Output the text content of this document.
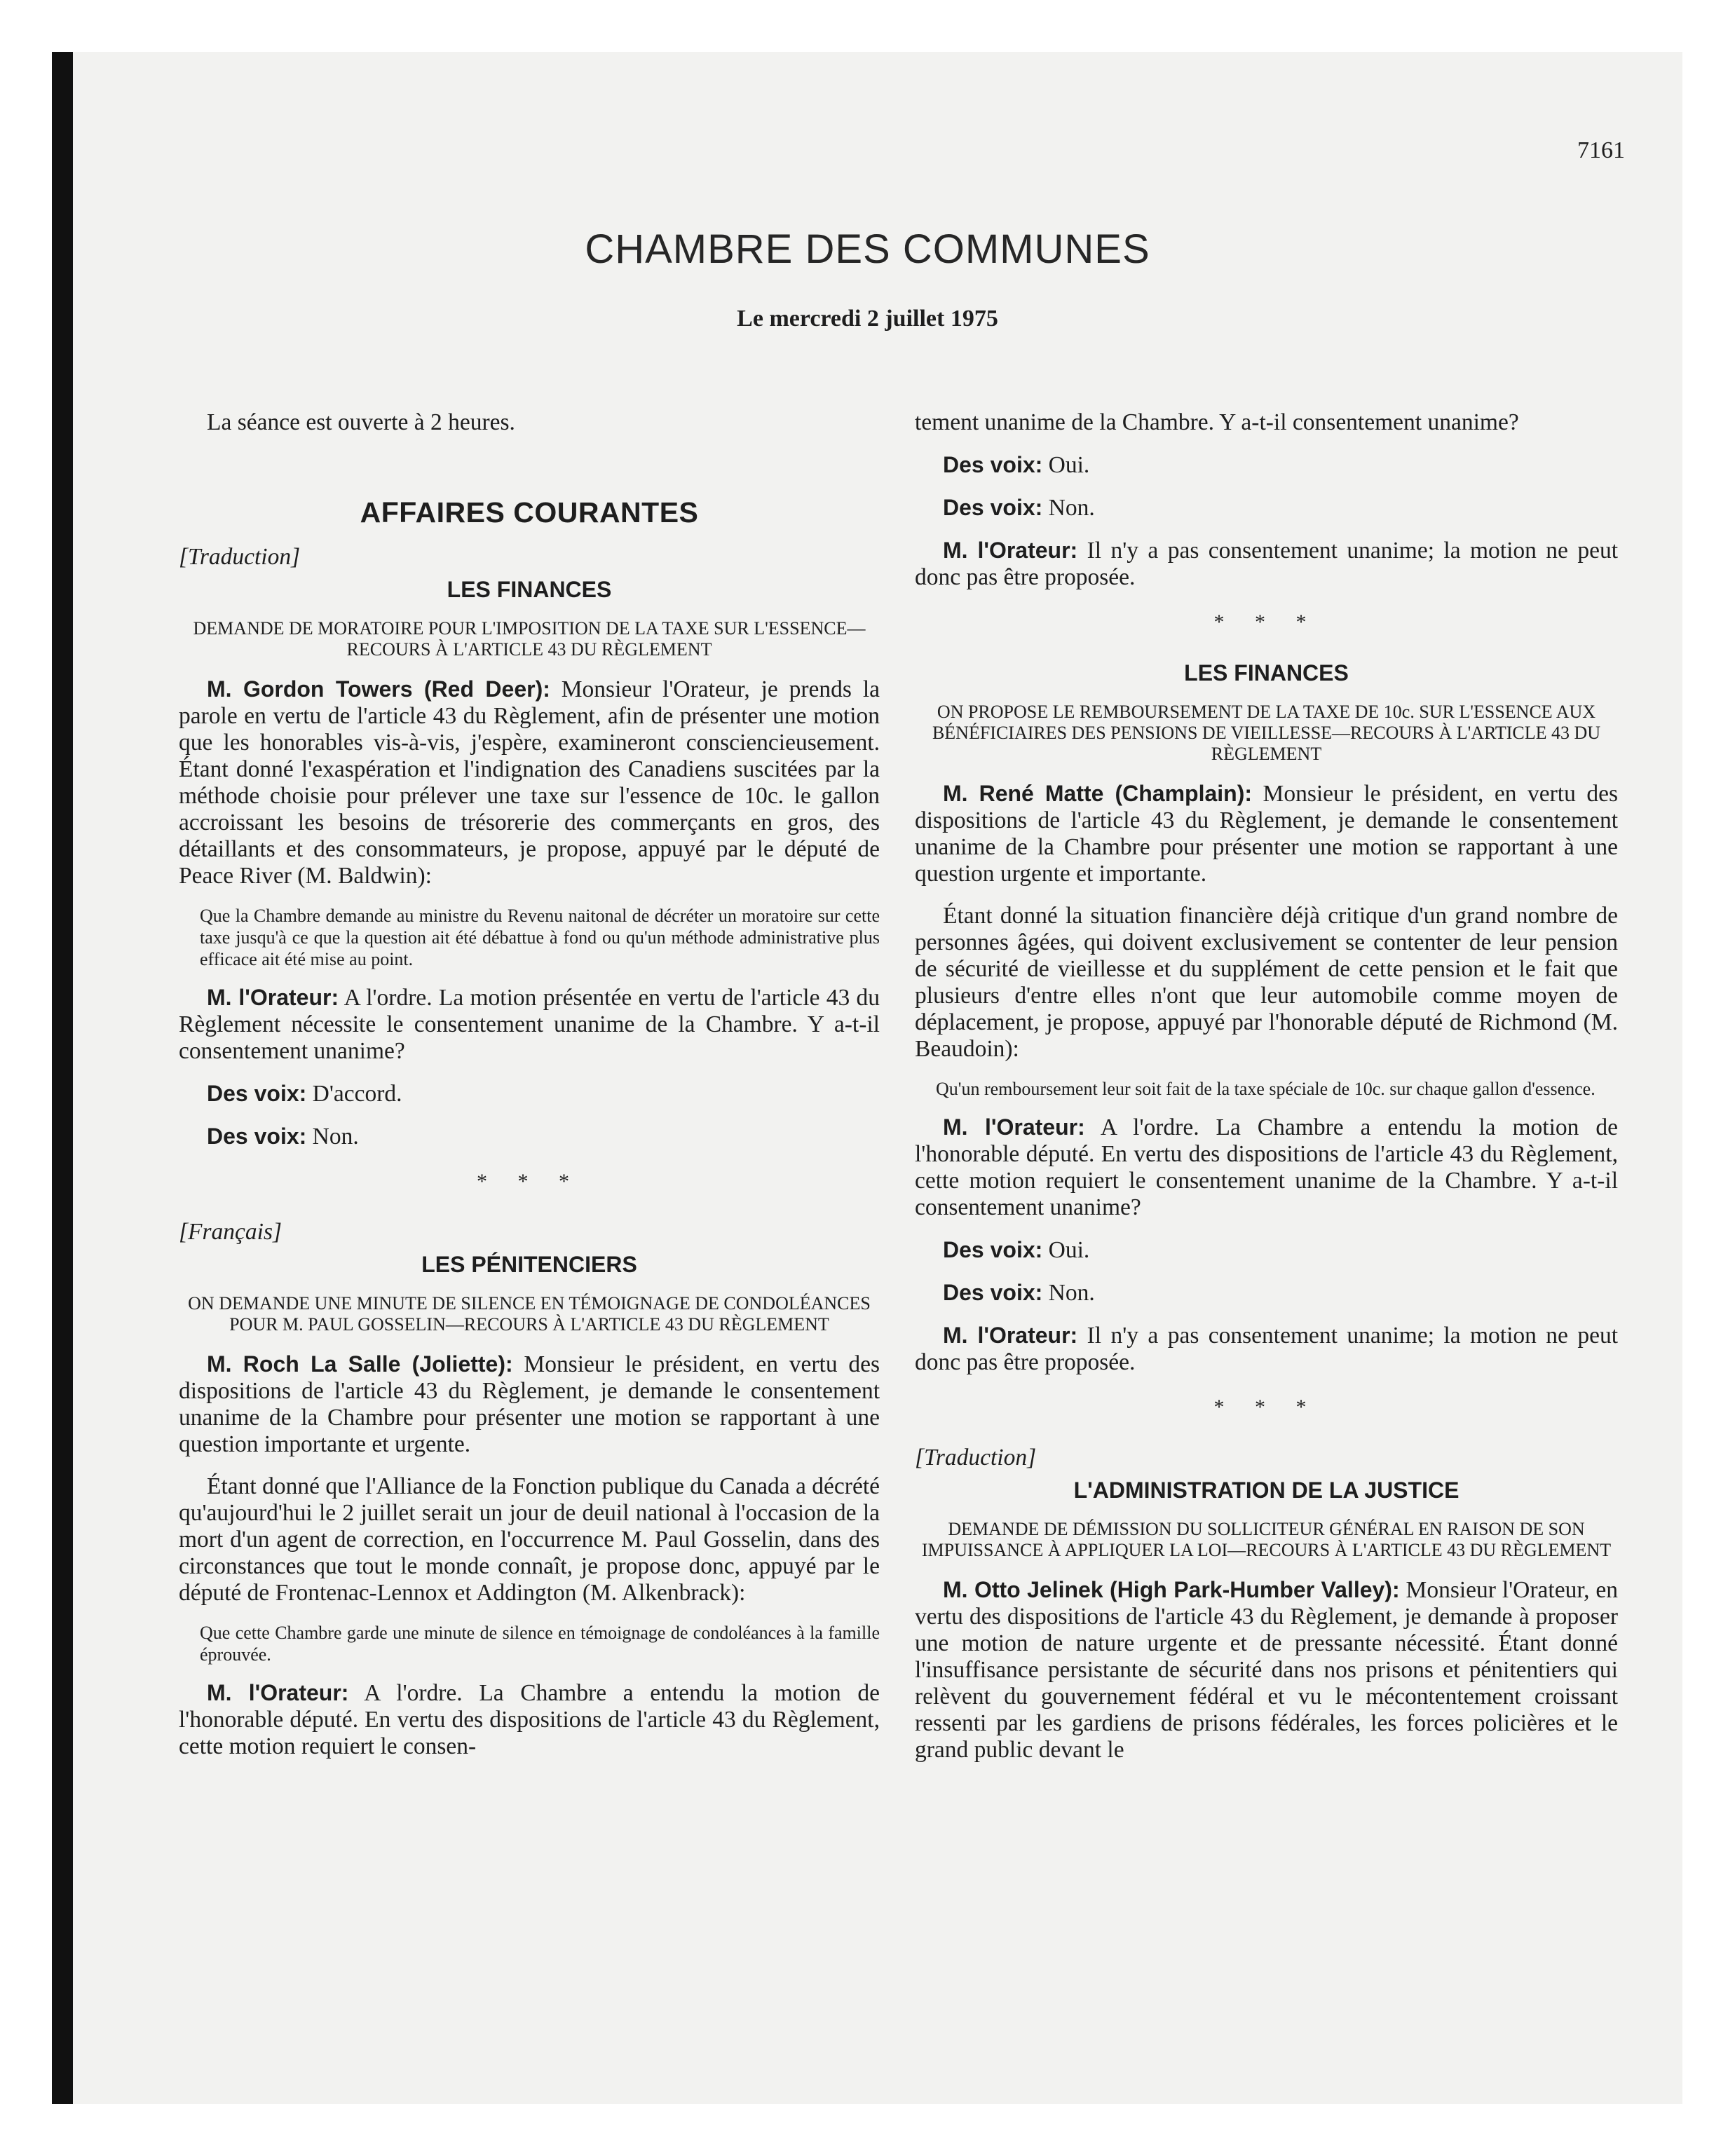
7161
CHAMBRE DES COMMUNES
Le mercredi 2 juillet 1975

La séance est ouverte à 2 heures.

AFFAIRES COURANTES

[Traduction]

LES FINANCES

DEMANDE DE MORATOIRE POUR L'IMPOSITION DE LA TAXE SUR L'ESSENCE—RECOURS À L'ARTICLE 43 DU RÈGLEMENT

M. Gordon Towers (Red Deer): Monsieur l'Orateur, je prends la parole en vertu de l'article 43 du Règlement, afin de présenter une motion que les honorables vis-à-vis, j'espère, examineront consciencieusement. Étant donné l'exaspération et l'indignation des Canadiens suscitées par la méthode choisie pour prélever une taxe sur l'essence de 10c. le gallon accroissant les besoins de trésorerie des commerçants en gros, des détaillants et des consommateurs, je propose, appuyé par le député de Peace River (M. Baldwin):

Que la Chambre demande au ministre du Revenu naitonal de décréter un moratoire sur cette taxe jusqu'à ce que la question ait été débattue à fond ou qu'un méthode administrative plus efficace ait été mise au point.

M. l'Orateur: A l'ordre. La motion présentée en vertu de l'article 43 du Règlement nécessite le consentement unanime de la Chambre. Y a-t-il consentement unanime?

Des voix: D'accord.

Des voix: Non.

* * *

[Français]

LES PÉNITENCIERS

ON DEMANDE UNE MINUTE DE SILENCE EN TÉMOIGNAGE DE CONDOLÉANCES POUR M. PAUL GOSSELIN—RECOURS À L'ARTICLE 43 DU RÈGLEMENT

M. Roch La Salle (Joliette): Monsieur le président, en vertu des dispositions de l'article 43 du Règlement, je demande le consentement unanime de la Chambre pour présenter une motion se rapportant à une question importante et urgente.

Étant donné que l'Alliance de la Fonction publique du Canada a décrété qu'aujourd'hui le 2 juillet serait un jour de deuil national à l'occasion de la mort d'un agent de correction, en l'occurrence M. Paul Gosselin, dans des circonstances que tout le monde connaît, je propose donc, appuyé par le député de Frontenac-Lennox et Addington (M. Alkenbrack):

Que cette Chambre garde une minute de silence en témoignage de condoléances à la famille éprouvée.

M. l'Orateur: A l'ordre. La Chambre a entendu la motion de l'honorable député. En vertu des dispositions de l'article 43 du Règlement, cette motion requiert le consen-

tement unanime de la Chambre. Y a-t-il consentement unanime?

Des voix: Oui.

Des voix: Non.

M. l'Orateur: Il n'y a pas consentement unanime; la motion ne peut donc pas être proposée.

* * *

LES FINANCES

ON PROPOSE LE REMBOURSEMENT DE LA TAXE DE 10c. SUR L'ESSENCE AUX BÉNÉFICIAIRES DES PENSIONS DE VIEILLESSE—RECOURS À L'ARTICLE 43 DU RÈGLEMENT

M. René Matte (Champlain): Monsieur le président, en vertu des dispositions de l'article 43 du Règlement, je demande le consentement unanime de la Chambre pour présenter une motion se rapportant à une question urgente et importante.

Étant donné la situation financière déjà critique d'un grand nombre de personnes âgées, qui doivent exclusivement se contenter de leur pension de sécurité de vieillesse et du supplément de cette pension et le fait que plusieurs d'entre elles n'ont que leur automobile comme moyen de déplacement, je propose, appuyé par l'honorable député de Richmond (M. Beaudoin):

Qu'un remboursement leur soit fait de la taxe spéciale de 10c. sur chaque gallon d'essence.

M. l'Orateur: A l'ordre. La Chambre a entendu la motion de l'honorable député. En vertu des dispositions de l'article 43 du Règlement, cette motion requiert le consentement unanime de la Chambre. Y a-t-il consentement unanime?

Des voix: Oui.

Des voix: Non.

M. l'Orateur: Il n'y a pas consentement unanime; la motion ne peut donc pas être proposée.

* * *

[Traduction]

L'ADMINISTRATION DE LA JUSTICE

DEMANDE DE DÉMISSION DU SOLLICITEUR GÉNÉRAL EN RAISON DE SON IMPUISSANCE À APPLIQUER LA LOI—RECOURS À L'ARTICLE 43 DU RÈGLEMENT

M. Otto Jelinek (High Park-Humber Valley): Monsieur l'Orateur, en vertu des dispositions de l'article 43 du Règlement, je demande à proposer une motion de nature urgente et de pressante nécessité. Étant donné l'insuffisance persistante de sécurité dans nos prisons et pénitentiers qui relèvent du gouvernement fédéral et vu le mécontentement croissant ressenti par les gardiens de prisons fédérales, les forces policières et le grand public devant le
